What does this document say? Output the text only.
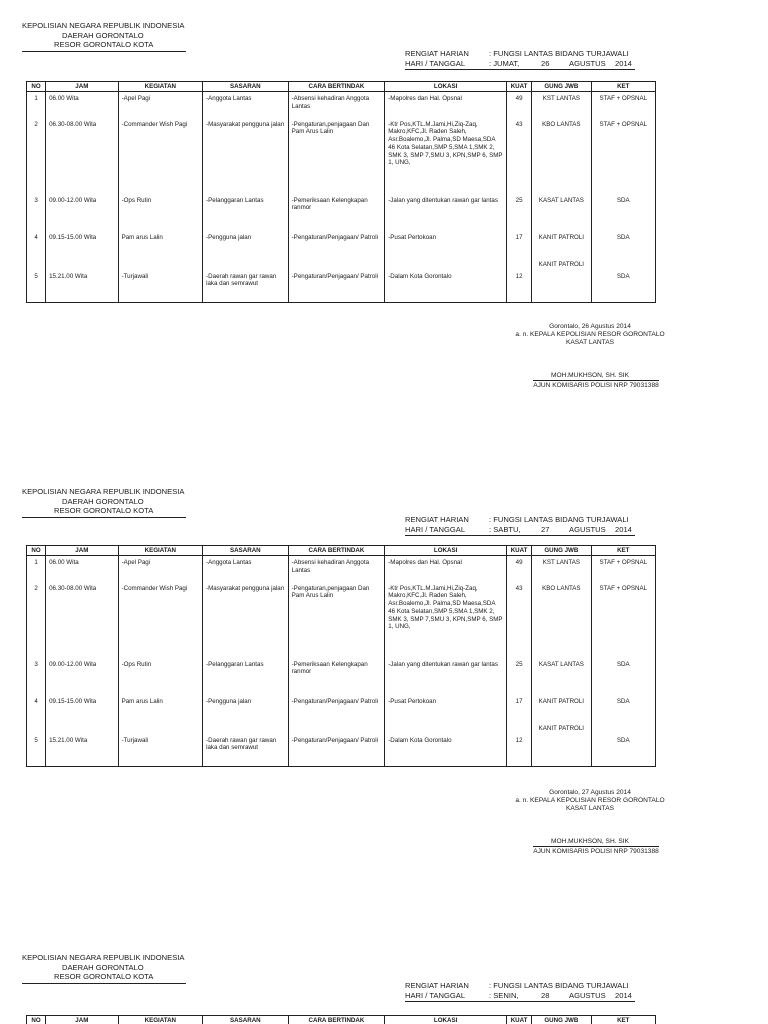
KEPOLISIAN NEGARA REPUBLIK INDONESIA
DAERAH GORONTALO
RESOR GORONTALO KOTA
RENGIAT HARIAN	: FUNGSI LANTAS BIDANG TURJAWALI
HARI / TANGGAL	: JUMAT,	26	AGUSTUS	2014
NO	JAM	KEGIATAN	SASARAN	CARA BERTINDAK	LOKASI	KUAT	GUNG JWB	KET
1	06.00 Wita	-Apel Pagi	-Anggota Lantas	-Absensi kehadiran Anggota Lantas	-Mapolres dan Hal. Opsnal	49	KST LANTAS	STAF + OPSNAL
2	06.30-08.00 Wita	-Commander Wish Pagi	-Masyarakat pengguna jalan	-Pengaturan,penjagaan Dan Pam Arus Lalin	-Ktr Pos,KTL.M.Jami,Hi,Ziq-Zaq, Makro,KFC,Jl. Raden Saleh, Asr.Boalemo,Jl. Palma,SD Maesa,SDA 46 Kota Selatan,SMP 5,SMA 1,SMK 2, SMK 3, SMP 7,SMU 3, KPN,SMP 6, SMP 1, UNG,	43	KBO LANTAS	STAF + OPSNAL
3	09.00-12.00 Wita	-Ops Rutin	-Pelanggaran Lantas	-Pemeriksaan Kelengkapan ranmor	-Jalan yang ditentukan rawan gar lantas	25	KASAT LANTAS	SDA
4	09.15-15.00 Wita	Pam arus Lalin	-Pengguna jalan	-Pengaturan/Penjagaan/ Patroli	-Pusat Pertokoan	17	KANIT PATROLI	SDA
5	15.21.00 Wita	-Turjawali	-Daerah rawan gar rawan laka dan semrawut	-Pengaturan/Penjagaan/ Patroli	-Dalam Kota Gorontalo	12	KANIT PATROLI	SDA
Gorontalo, 26 Agustus 2014
a. n. KEPALA KEPOLISIAN RESOR GORONTALO
KASAT LANTAS
MOH.MUKHSON, SH. SIK
AJUN KOMISARIS POLISI NRP 79031388
KEPOLISIAN NEGARA REPUBLIK INDONESIA
DAERAH GORONTALO
RESOR GORONTALO KOTA
RENGIAT HARIAN	: FUNGSI LANTAS BIDANG TURJAWALI
HARI / TANGGAL	: SABTU,	27	AGUSTUS	2014
NO	JAM	KEGIATAN	SASARAN	CARA BERTINDAK	LOKASI	KUAT	GUNG JWB	KET
1	06.00 Wita	-Apel Pagi	-Anggota Lantas	-Absensi kehadiran Anggota Lantas	-Mapolres dan Hal. Opsnal	49	KST LANTAS	STAF + OPSNAL
2	06.30-08.00 Wita	-Commander Wish Pagi	-Masyarakat pengguna jalan	-Pengaturan,penjagaan Dan Pam Arus Lalin	-Ktr Pos,KTL.M.Jami,Hi,Ziq-Zaq, Makro,KFC,Jl. Raden Saleh, Asr.Boalemo,Jl. Palma,SD Maesa,SDA 46 Kota Selatan,SMP 5,SMA 1,SMK 2, SMK 3, SMP 7,SMU 3, KPN,SMP 6, SMP 1, UNG,	43	KBO LANTAS	STAF + OPSNAL
3	09.00-12.00 Wita	-Ops Rutin	-Pelanggaran Lantas	-Pemeriksaan Kelengkapan ranmor	-Jalan yang ditentukan rawan gar lantas	25	KASAT LANTAS	SDA
4	09.15-15.00 Wita	Pam arus Lalin	-Pengguna jalan	-Pengaturan/Penjagaan/ Patroli	-Pusat Pertokoan	17	KANIT PATROLI	SDA
5	15.21.00 Wita	-Turjawali	-Daerah rawan gar rawan laka dan semrawut	-Pengaturan/Penjagaan/ Patroli	-Dalam Kota Gorontalo	12	KANIT PATROLI	SDA
Gorontalo, 27 Agustus 2014
a. n. KEPALA KEPOLISIAN RESOR GORONTALO
KASAT LANTAS
MOH.MUKHSON, SH. SIK
AJUN KOMISARIS POLISI NRP 79031388
KEPOLISIAN NEGARA REPUBLIK INDONESIA
DAERAH GORONTALO
RESOR GORONTALO KOTA
RENGIAT HARIAN	: FUNGSI LANTAS BIDANG TURJAWALI
HARI / TANGGAL	: SENIN,	28	AGUSTUS	2014
NO	JAM	KEGIATAN	SASARAN	CARA BERTINDAK	LOKASI	KUAT	GUNG JWB	KET
